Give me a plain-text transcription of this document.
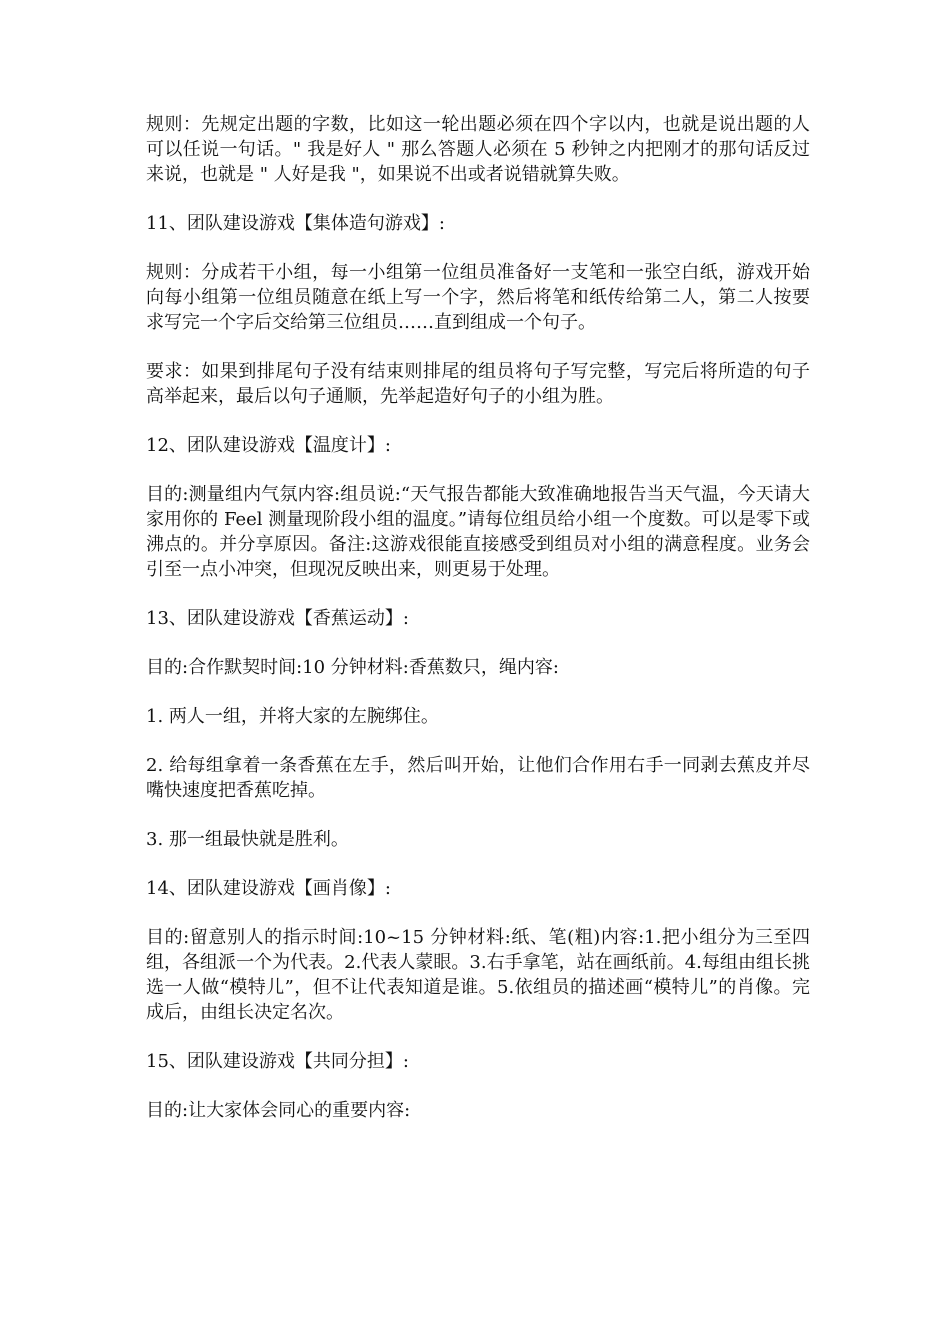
规则：先规定出题的字数，比如这一轮出题必须在四个字以内，也就是说出题的人可以任说一句话。" 我是好人 " 那么答题人必须在 5 秒钟之内把刚才的那句话反过来说，也就是 " 人好是我 "，如果说不出或者说错就算失败。

11、团队建设游戏【集体造句游戏】:

规则：分成若干小组，每一小组第一位组员准备好一支笔和一张空白纸，游戏开始向每小组第一位组员随意在纸上写一个字，然后将笔和纸传给第二人，第二人按要求写完一个字后交给第三位组员……直到组成一个句子。

要求：如果到排尾句子没有结束则排尾的组员将句子写完整，写完后将所造的句子高举起来，最后以句子通顺，先举起造好句子的小组为胜。

12、团队建设游戏【温度计】:

目的:测量组内气氛内容:组员说:“天气报告都能大致准确地报告当天气温，今天请大家用你的 Feel 测量现阶段小组的温度。”请每位组员给小组一个度数。可以是零下或沸点的。并分享原因。备注:这游戏很能直接感受到组员对小组的满意程度。业务会引至一点小冲突，但现况反映出来，则更易于处理。

13、团队建设游戏【香蕉运动】:

目的:合作默契时间:10 分钟材料:香蕉数只，绳内容:

1. 两人一组，并将大家的左腕绑住。

2. 给每组拿着一条香蕉在左手，然后叫开始，让他们合作用右手一同剥去蕉皮并尽嘴快速度把香蕉吃掉。

3. 那一组最快就是胜利。

14、团队建设游戏【画肖像】:

目的:留意别人的指示时间:10~15 分钟材料:纸、笔(粗)内容:1.把小组分为三至四组，各组派一个为代表。2.代表人蒙眼。3.右手拿笔，站在画纸前。4.每组由组长挑选一人做“模特儿”，但不让代表知道是谁。5.依组员的描述画“模特儿”的肖像。完成后，由组长决定名次。

15、团队建设游戏【共同分担】:

目的:让大家体会同心的重要内容:
